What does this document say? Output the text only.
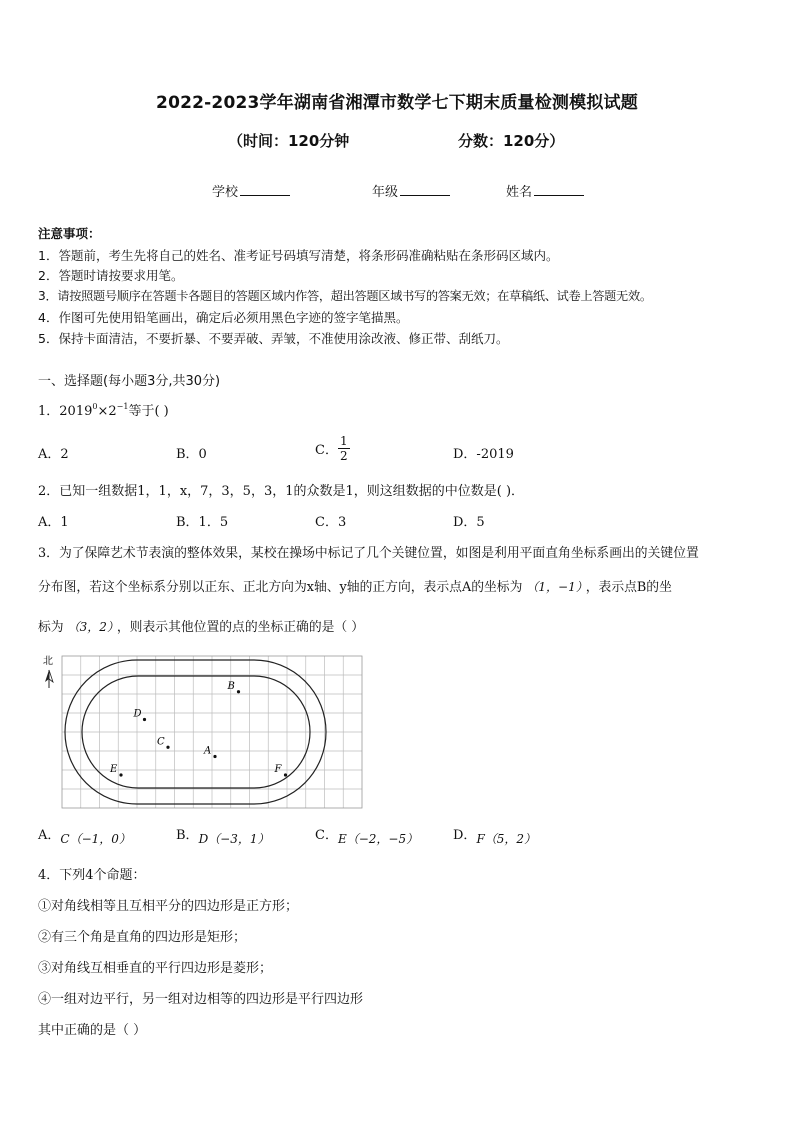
2022-2023学年湖南省湘潭市数学七下期末质量检测模拟试题
（时间：120分钟	分数：120分）
学校	年级	姓名
注意事项：
1．答题前，考生先将自己的姓名、准考证号码填写清楚，将条形码准确粘贴在条形码区域内。
2．答题时请按要求用笔。
3．请按照题号顺序在答题卡各题目的答题区域内作答，超出答题区域书写的答案无效；在草稿纸、试卷上答题无效。
4．作图可先使用铅笔画出，确定后必须用黑色字迹的签字笔描黑。
5．保持卡面清洁，不要折暴、不要弄破、弄皱，不准使用涂改液、修正带、刮纸刀。
一、选择题(每小题3分,共30分)
1．$2019^0\times 2^{-1}$等于( )
A．2	B．0	C． $\frac{1}{2}$	D．-2019
2．已知一组数据1，1，x，7，3，5，3，1的众数是1，则这组数据的中位数是( )．
A．1	B．1．5	C．3	D．5
3．为了保障艺术节表演的整体效果，某校在操场中标记了几个关键位置，如图是利用平面直角坐标系画出的关键位置
分布图，若这个坐标系分别以正东、正北方向为x轴、y轴的正方向，表示点A的坐标为 （1，−1） ，表示点B的坐
标为 （3，2） ，则表示其他位置的点的坐标正确的是（ ）
北
B
D
C
A
E	F
A．C（−1，0）	B．D（−3，1）	C．E（−2，−5）	D．F（5，2）
4．下列4个命题：
①对角线相等且互相平分的四边形是正方形；
②有三个角是直角的四边形是矩形；
③对角线互相垂直的平行四边形是菱形；
④一组对边平行，另一组对边相等的四边形是平行四边形
其中正确的是（ ）
